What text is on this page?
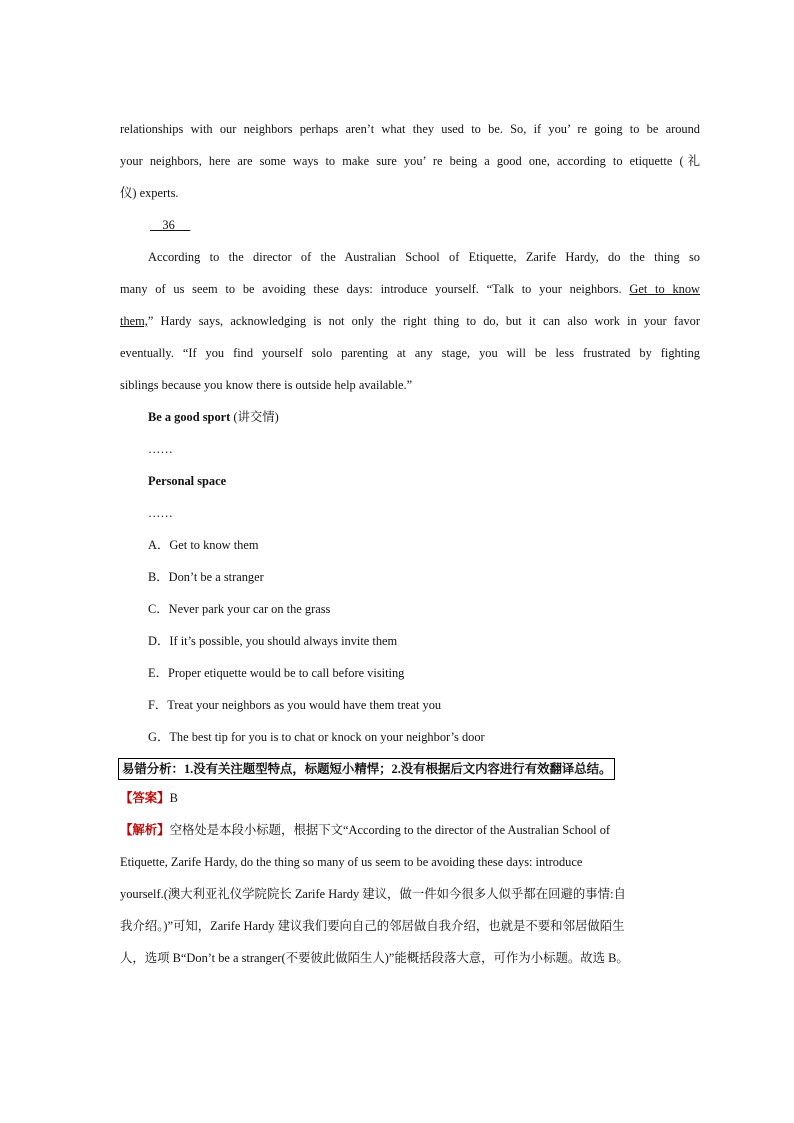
relationships with our neighbors perhaps aren’t what they used to be. So, if you’ re going to be around
your neighbors, here are some ways to make sure you’ re being a good one, according to etiquette (礼
仪) experts.
36
According to the director of the Australian School of Etiquette, Zarife Hardy, do the thing so
many of us seem to be avoiding these days: introduce yourself. “Talk to your neighbors. Get to know
them,” Hardy says, acknowledging is not only the right thing to do, but it can also work in your favor
eventually. “If you find yourself solo parenting at any stage, you will be less frustrated by fighting
siblings because you know there is outside help available.”
Be a good sport (讲交情)
……
Personal space
……
A．Get to know them
B．Don’t be a stranger
C．Never park your car on the grass
D．If it’s possible, you should always invite them
E．Proper etiquette would be to call before visiting
F．Treat your neighbors as you would have them treat you
G．The best tip for you is to chat or knock on your neighbor’s door
易错分析：1.没有关注题型特点，标题短小精悍；2.没有根据后文内容进行有效翻译总结。
【答案】B
【解析】空格处是本段小标题，根据下文“According to the director of the Australian School of
Etiquette, Zarife Hardy, do the thing so many of us seem to be avoiding these days: introduce
yourself.(澳大利亚礼仪学院院长 Zarife Hardy 建议，做一件如今很多人似乎都在回避的事情:自
我介绍。)”可知，Zarife Hardy 建议我们要向自己的邻居做自我介绍，也就是不要和邻居做陌生
人，选项 B“Don’t be a stranger(不要彼此做陌生人)”能概括段落大意，可作为小标题。故选 B。
